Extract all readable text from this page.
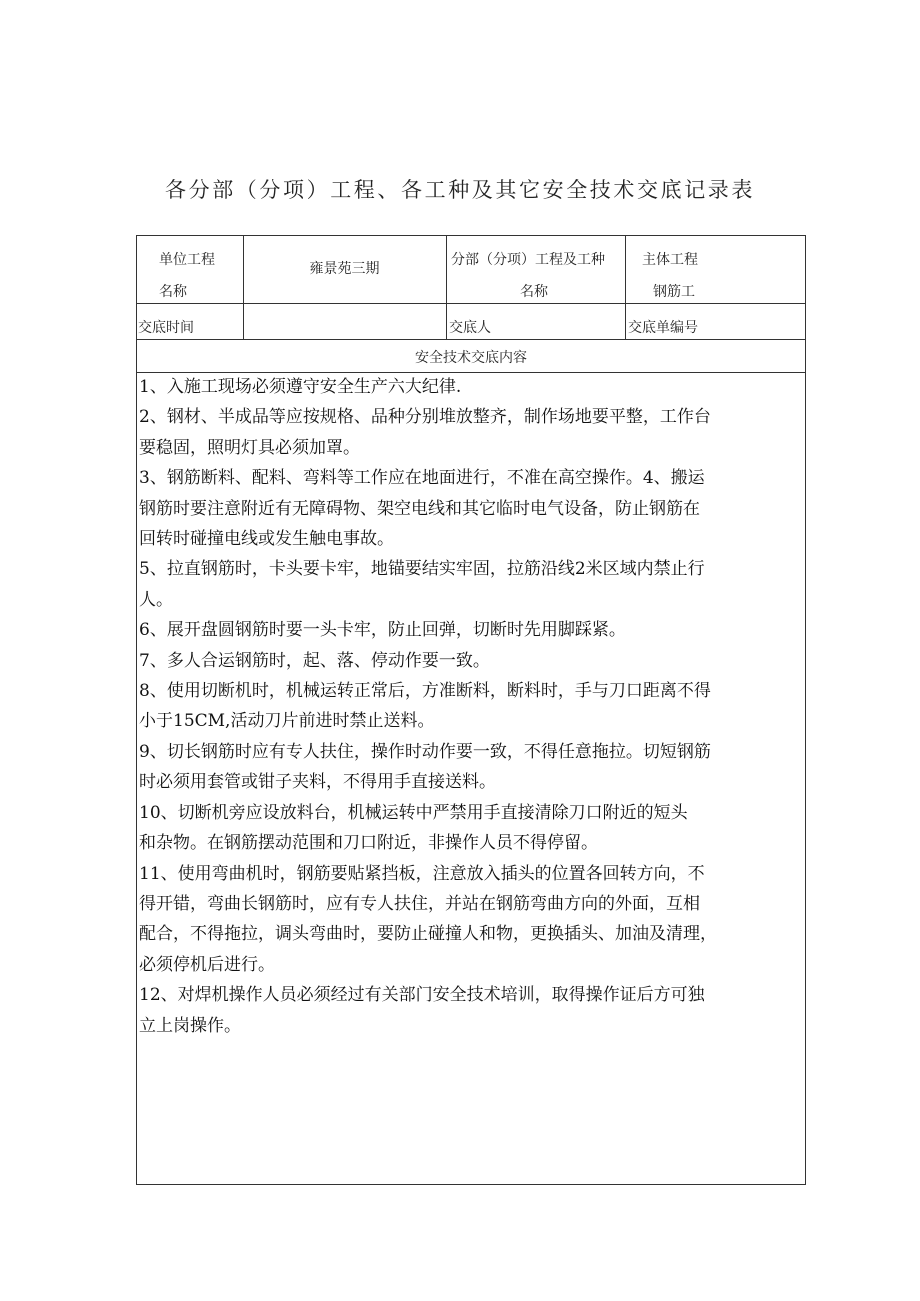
各分部（分项）工程、各工种及其它安全技术交底记录表
单位工程
名称
雍景苑三期
分部（分项）工程及工种
名称
主体工程
钢筋工
交底时间	交底人	交底单编号
安全技术交底内容

1、入施工现场必须遵守安全生产六大纪律.

2、钢材、半成品等应按规格、品种分别堆放整齐，制作场地要平整，工作台
要稳固，照明灯具必须加罩。

3、钢筋断料、配料、弯料等工作应在地面进行，不准在高空操作。4、搬运
钢筋时要注意附近有无障碍物、架空电线和其它临时电气设备，防止钢筋在
回转时碰撞电线或发生触电事故。

5、拉直钢筋时，卡头要卡牢，地锚要结实牢固，拉筋沿线2米区域内禁止行
人。

6、展开盘圆钢筋时要一头卡牢，防止回弹，切断时先用脚踩紧。

7、多人合运钢筋时，起、落、停动作要一致。

8、使用切断机时，机械运转正常后，方准断料，断料时，手与刀口距离不得
小于15CM,活动刀片前进时禁止送料。

9、切长钢筋时应有专人扶住，操作时动作要一致，不得任意拖拉。切短钢筋
时必须用套管或钳子夹料，不得用手直接送料。

10、切断机旁应设放料台，机械运转中严禁用手直接清除刀口附近的短头
和杂物。在钢筋摆动范围和刀口附近，非操作人员不得停留。

11、使用弯曲机时，钢筋要贴紧挡板，注意放入插头的位置各回转方向，不
得开错，弯曲长钢筋时，应有专人扶住，并站在钢筋弯曲方向的外面，互相
配合，不得拖拉，调头弯曲时，要防止碰撞人和物，更换插头、加油及清理，
必须停机后进行。

12、对焊机操作人员必须经过有关部门安全技术培训，取得操作证后方可独
立上岗操作。
